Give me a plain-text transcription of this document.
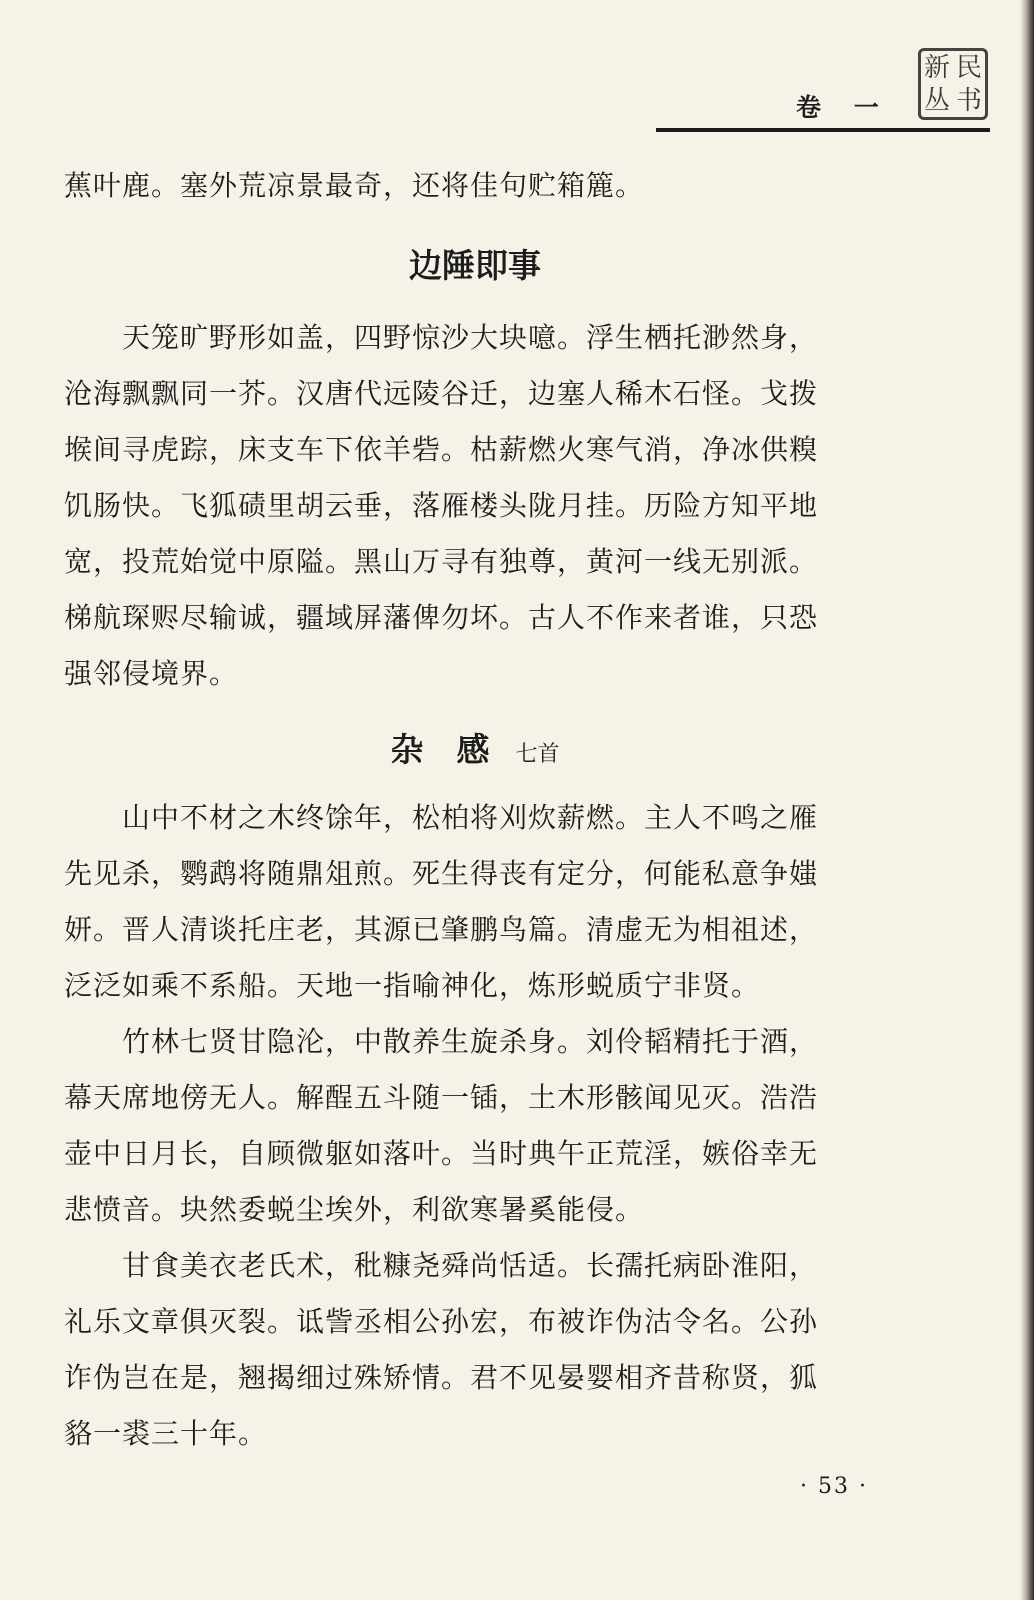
卷 一
新 民
丛 书
蕉叶鹿。塞外荒凉景最奇，还将佳句贮箱簏。
边陲即事
　　天笼旷野形如盖，四野惊沙大块噫。浮生栖托渺然身，
沧海飘飘同一芥。汉唐代远陵谷迁，边塞人稀木石怪。戈拨
堠间寻虎踪，床支车下依羊砦。枯薪燃火寒气消，净冰供糗
饥肠快。飞狐碛里胡云垂，落雁楼头陇月挂。历险方知平地
宽，投荒始觉中原隘。黑山万寻有独尊，黄河一线无别派。
梯航琛赆尽输诚，疆域屏藩俾勿坏。古人不作来者谁，只恐
强邻侵境界。
杂　感 七首
　　山中不材之木终馀年，松柏将刈炊薪燃。主人不鸣之雁
先见杀，鹦鹉将随鼎俎煎。死生得丧有定分，何能私意争媸
妍。晋人清谈托庄老，其源已肇鹏鸟篇。清虚无为相祖述，
泛泛如乘不系船。天地一指喻神化，炼形蜕质宁非贤。
　　竹林七贤甘隐沦，中散养生旋杀身。刘伶韬精托于酒，
幕天席地傍无人。解酲五斗随一锸，土木形骸闻见灭。浩浩
壶中日月长，自顾微躯如落叶。当时典午正荒淫，嫉俗幸无
悲愤音。块然委蜕尘埃外，利欲寒暑奚能侵。
　　甘食美衣老氏术，秕糠尧舜尚恬适。长孺托病卧淮阳，
礼乐文章俱灭裂。诋訾丞相公孙宏，布被诈伪沽令名。公孙
诈伪岂在是，翘揭细过殊矫情。君不见晏婴相齐昔称贤，狐
貉一裘三十年。
· 53 ·
